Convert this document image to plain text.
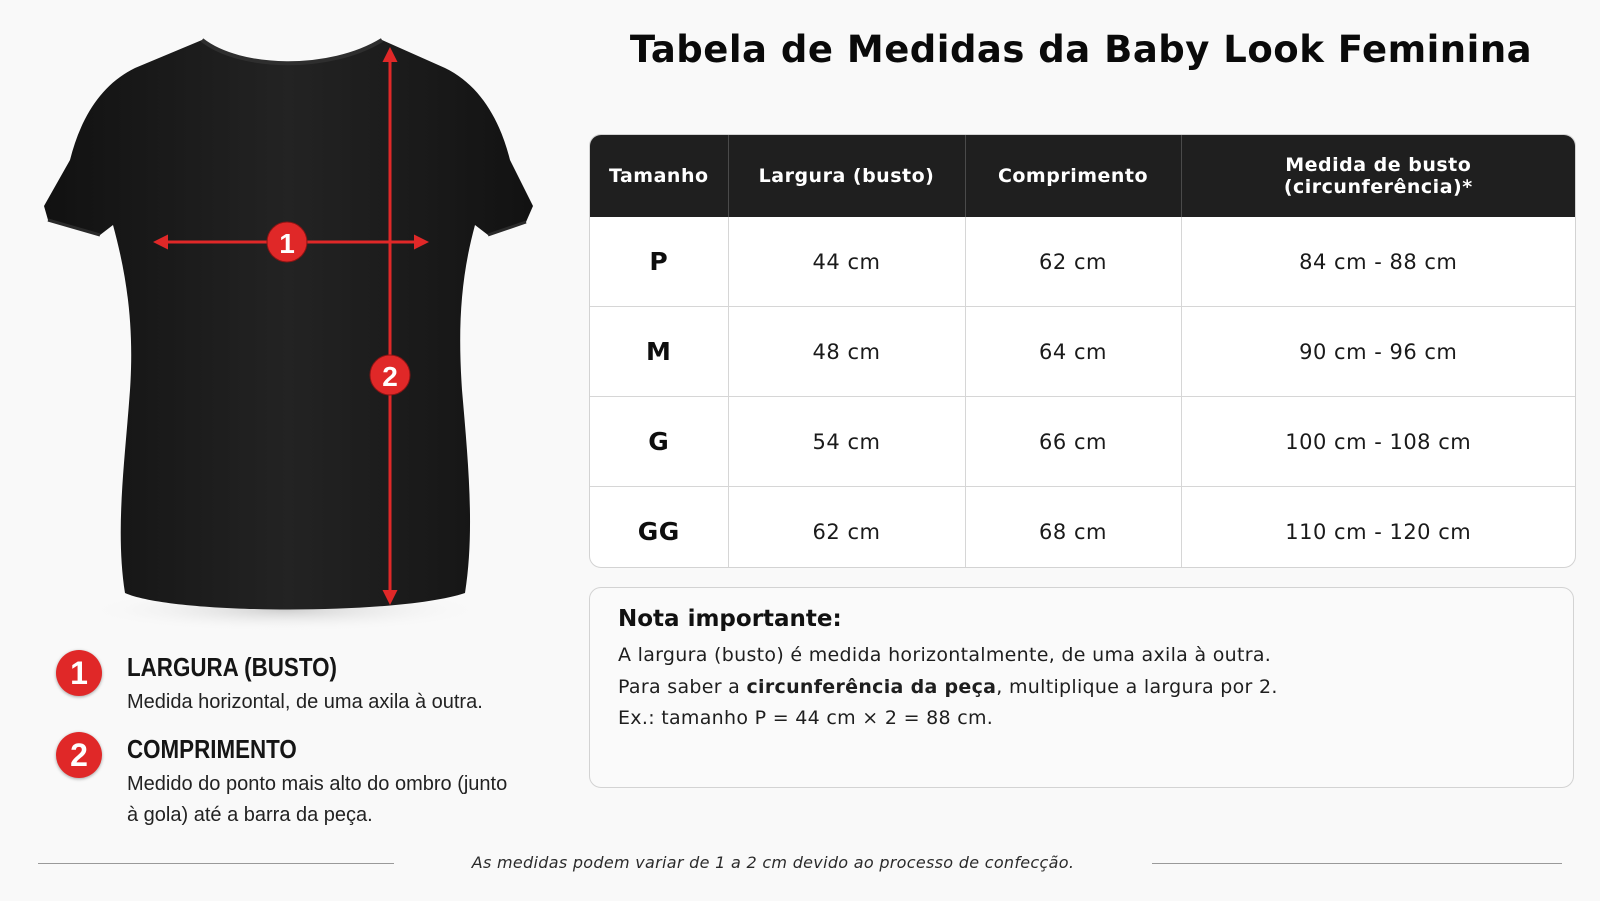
1
2
1	LARGURA (BUSTO)
Medida horizontal, de uma axila à outra.
2	COMPRIMENTO
Medido do ponto mais alto do ombro (junto à gola) até a barra da peça.
Tabela de Medidas da Baby Look Feminina
Tamanho	Largura (busto)	Comprimento	Medida de busto (circunferência)*
P	44 cm	62 cm	84 cm - 88 cm
M	48 cm	64 cm	90 cm - 96 cm
G	54 cm	66 cm	100 cm - 108 cm
GG	62 cm	68 cm	110 cm - 120 cm
Nota importante:
A largura (busto) é medida horizontalmente, de uma axila à outra.
Para saber a circunferência da peça, multiplique a largura por 2.
Ex.: tamanho P = 44 cm × 2 = 88 cm.
As medidas podem variar de 1 a 2 cm devido ao processo de confecção.
